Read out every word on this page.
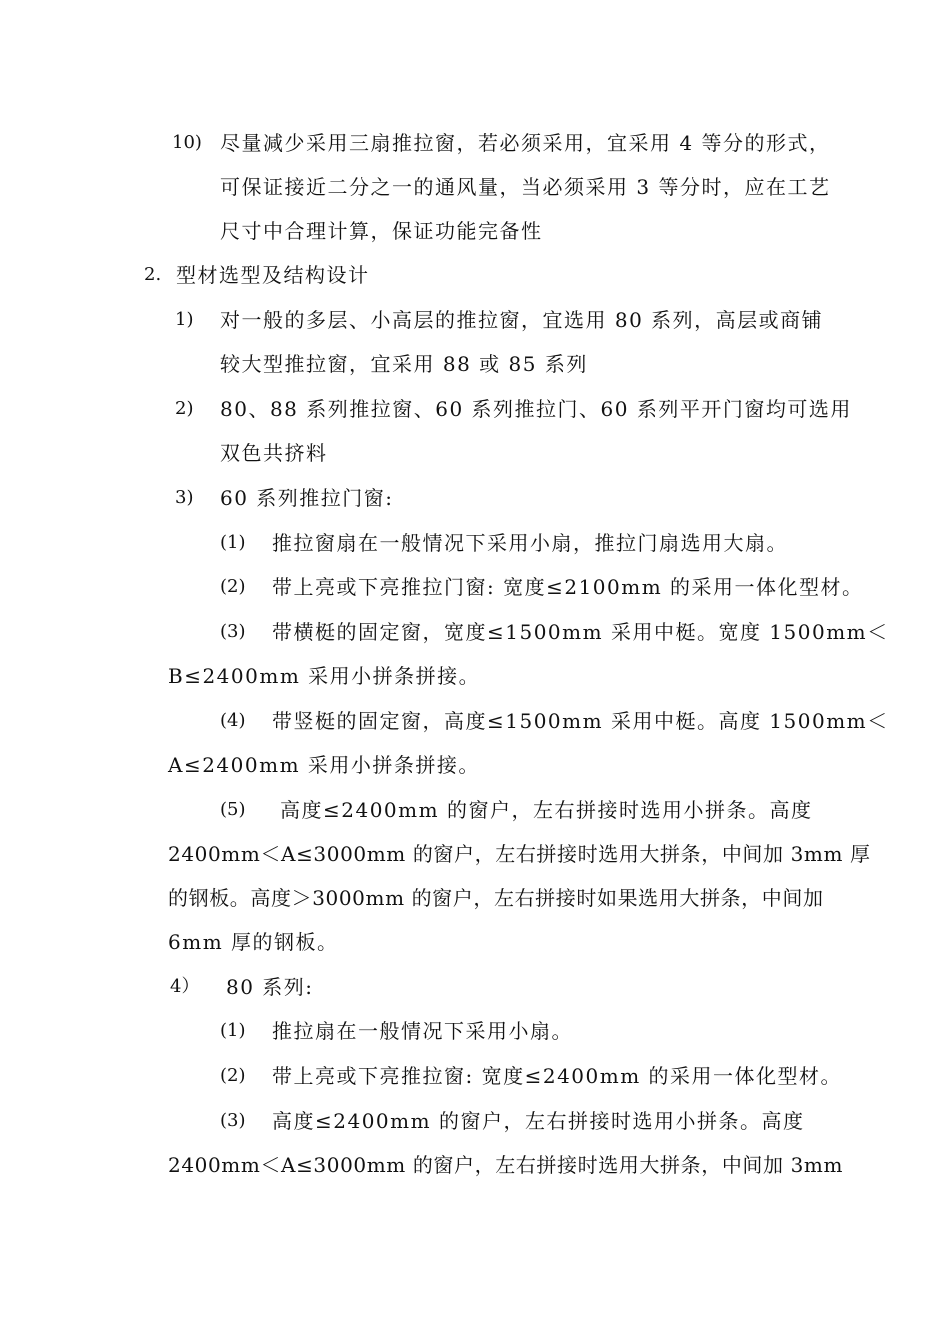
10) 尽量减少采用三扇推拉窗，若必须采用，宜采用 4 等分的形式，
可保证接近二分之一的通风量，当必须采用 3 等分时，应在工艺
尺寸中合理计算，保证功能完备性
2. 型材选型及结构设计
1) 对一般的多层、小高层的推拉窗，宜选用 80 系列，高层或商铺
较大型推拉窗，宜采用 88 或 85 系列
2) 80、88 系列推拉窗、60 系列推拉门、60 系列平开门窗均可选用
双色共挤料
3) 60 系列推拉门窗:
(1) 推拉窗扇在一般情况下采用小扇，推拉门扇选用大扇。
(2) 带上亮或下亮推拉门窗: 宽度≤2100mm 的采用一体化型材。
(3) 带横梃的固定窗，宽度≤1500mm 采用中梃。宽度 1500mm＜
B≤2400mm 采用小拼条拼接。
(4) 带竖梃的固定窗，高度≤1500mm 采用中梃。高度 1500mm＜
A≤2400mm 采用小拼条拼接。
(5) 高度≤2400mm 的窗户，左右拼接时选用小拼条。高度
2400mm＜A≤3000mm 的窗户，左右拼接时选用大拼条，中间加 3mm 厚
的钢板。高度＞3000mm 的窗户，左右拼接时如果选用大拼条，中间加
6mm 厚的钢板。
4） 80 系列:
(1) 推拉扇在一般情况下采用小扇。
(2) 带上亮或下亮推拉窗: 宽度≤2400mm 的采用一体化型材。
(3) 高度≤2400mm 的窗户，左右拼接时选用小拼条。高度
2400mm＜A≤3000mm 的窗户，左右拼接时选用大拼条，中间加 3mm
